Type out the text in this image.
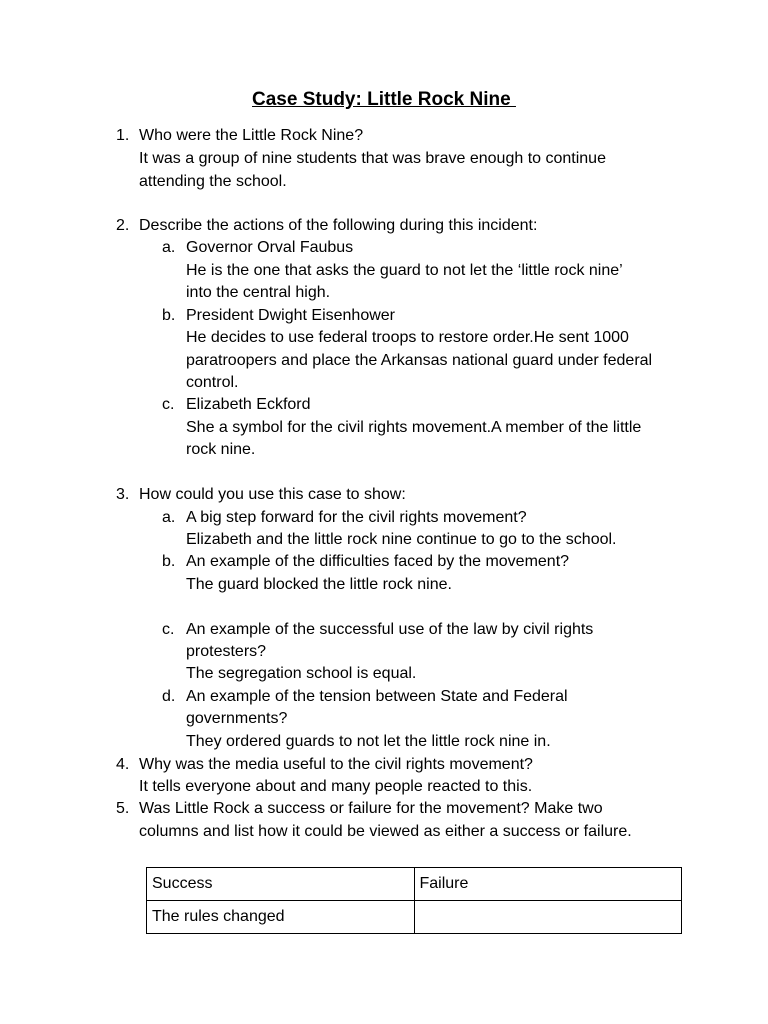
Case Study: Little Rock Nine
1. Who were the Little Rock Nine?
It was a group of nine students that was brave enough to continue
attending the school.
2. Describe the actions of the following during this incident:
a. Governor Orval Faubus
He is the one that asks the guard to not let the ‘little rock nine’
into the central high.
b. President Dwight Eisenhower
He decides to use federal troops to restore order.He sent 1000
paratroopers and place the Arkansas national guard under federal
control.
c. Elizabeth Eckford
She a symbol for the civil rights movement.A member of the little
rock nine.
3. How could you use this case to show:
a. A big step forward for the civil rights movement?
Elizabeth and the little rock nine continue to go to the school.
b. An example of the difficulties faced by the movement?
The guard blocked the little rock nine.
c. An example of the successful use of the law by civil rights
protesters?
The segregation school is equal.
d. An example of the tension between State and Federal
governments?
They ordered guards to not let the little rock nine in.
4. Why was the media useful to the civil rights movement?
It tells everyone about and many people reacted to this.
5. Was Little Rock a success or failure for the movement? Make two
columns and list how it could be viewed as either a success or failure.
Success	Failure
The rules changed	
